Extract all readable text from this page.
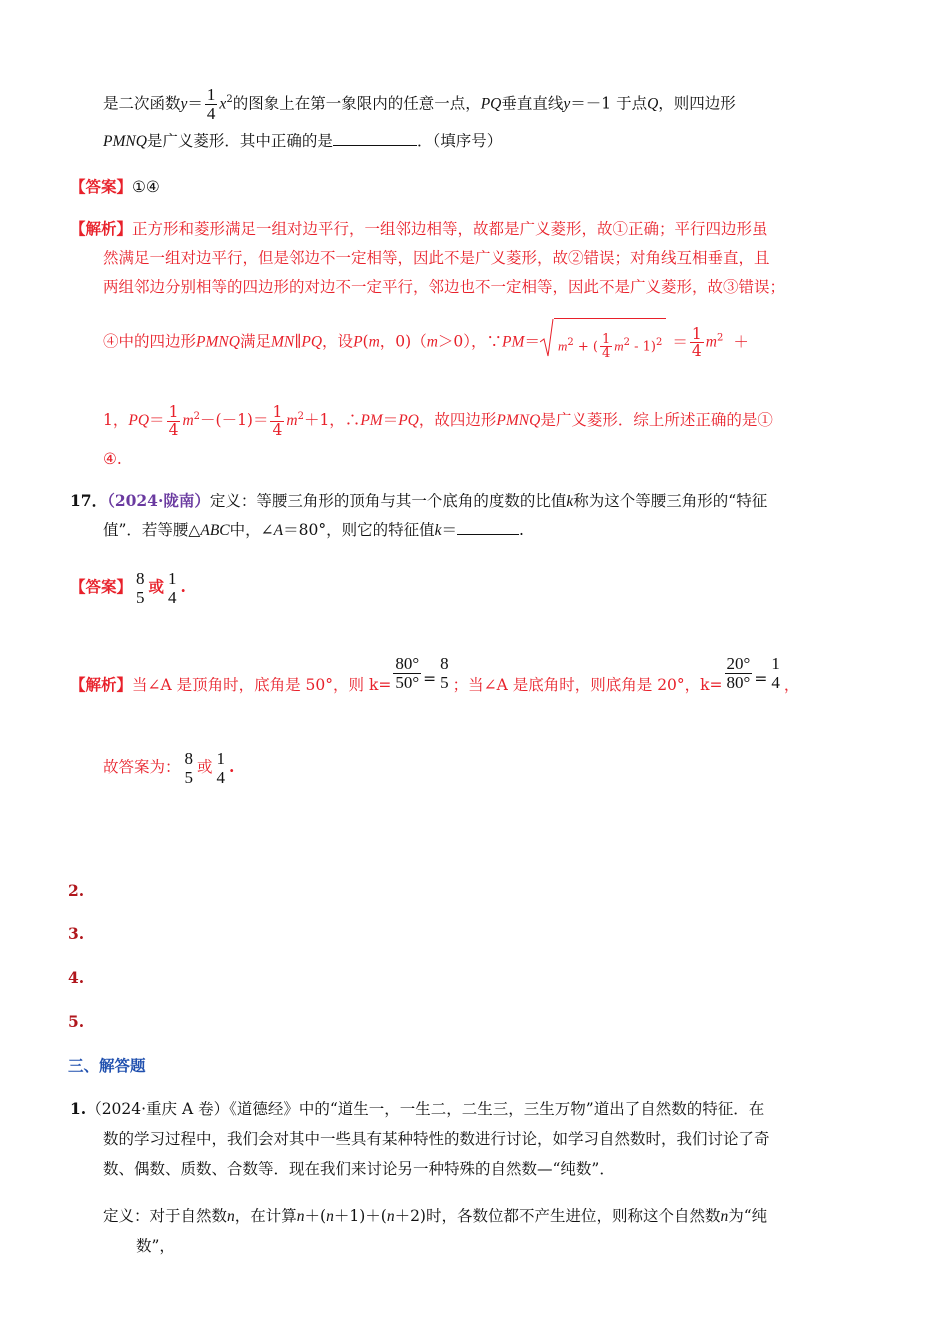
是二次函数$y= \frac{1}{4} x^2$的图象上在第一象限内的任意一点，PQ垂直直线y＝－1 于点Q，则四边形
PMNQ是广义菱形．其中正确的是	．（填序号）
【答案】①④
【解析】正方形和菱形满足一组对边平行，一组邻边相等，故都是广义菱形，故①正确；平行四边形虽
然满足一组对边平行，但是邻边不一定相等，因此不是广义菱形，故②错误；对角线互相垂直，且
两组邻边分别相等的四边形的对边不一定平行，邻边也不一定相等，因此不是广义菱形，故③错误；
④中的四边形PMNQ满足MN∥PQ，设P(m，0)（m＞0），∵PM＝ $m^2$ + ( $\frac{1}{4} m^2 - 1)^2 = \frac{1}{4} m^2$ ＋
1，$PQ= \frac{1}{4} m^2-(-1)= \frac{1}{4} m^2+1$，∴PM＝PQ，故四边形PMNQ是广义菱形．综上所述正确的是①
④.
17．（2024·陇南）定义：等腰三角形的顶角与其一个底角的度数的比值k称为这个等腰三角形的“特征
值”．若等腰△ABC中，∠A＝80°，则它的特征值k＝	.
【答案】 8
5
或 1
4
.
【解析】当∠A 是顶角时，底角是 50°，则 $k= \frac{80^\circ}{50^\circ}$ =
8
5 ；当∠A 是底角时，则底角是 20°，$k= \frac{20^\circ}{80^\circ}$ =
1
4 ，
故答案为： 8
5
或 1
4
.
2.
3.
4.
5.
三、解答题
1.（2024·重庆 A 卷）《道德经》中的“道生一，一生二，二生三，三生万物”道出了自然数的特征．在
数的学习过程中，我们会对其中一些具有某种特性的数进行讨论，如学习自然数时，我们讨论了奇
数、偶数、质数、合数等．现在我们来讨论另一种特殊的自然数—“纯数”．
定义：对于自然数n，在计算n＋(n＋1)＋(n＋2)时，各数位都不产生进位，则称这个自然数n为“纯
数”，
